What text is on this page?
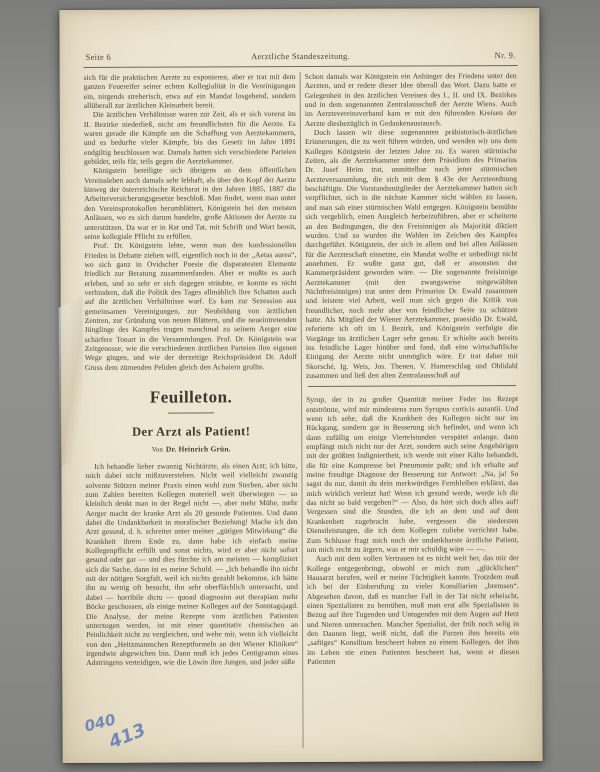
Seite 6	Aerztliche Standeszeitung.	Nr. 9.

sich für die praktischen Aerzte zu exponieren, aber er trat mit dem ganzen Feuereifer seiner echten Kollegialität in die Vereinigungen ein, nirgends streberisch, etwa auf ein Mandat losgehend, sondern allüberall zur ärztlichen Kleinarbeit bereit.

Die ärztlichen Verhältnisse waren zur Zeit, als er sich vorerst im II. Bezirke niederließ, nicht am freundlichsten für die Aerzte. Es waren gerade die Kämpfe um die Schaffung von Aerztekammern, und es bedurfte vieler Kämpfe, bis das Gesetz im Jahre 1891 endgiltig beschlossen war. Damals hatten sich verschiedene Parteien gebildet, teils für, teils gegen die Aerztekammer.

Königstein beteiligte sich übrigens an dem öffentlichen Vereinsleben auch damals sehr lebhaft, als über den Kopf der Aerzte hinweg der österreichische Reichsrat in den Jahren 1885, 1887 die Arbeiterversicherungsgesetze beschloß. Man findet, wenn man unter den Vereinsprotokollen herumblättert, Königstein bei den meisten Anlässen, wo es sich darum handelte, große Aktionen der Aerzte zu unterstützen. Da war er in Rat und Tat, mit Schrift und Wort bereit, seine kollegiale Pflicht zu erfüllen.

Prof. Dr. Königstein lebte, wenn man den konfessionellen Frieden in Debatte ziehen will, eigentlich noch in der „Aetas aurea“, wo sich ganz in Ovidscher Poesie die disparatesten Elemente friedlich zur Beratung zusammenfanden. Aber er mußte es auch erleben, und so sehr er sich dagegen sträubte, er konnte es nicht verhindern, daß die Politik des Tages allmählich ihre Schatten auch auf die ärztlichen Verhältnisse warf. Es kam zur Sezession aus gemeinsamen Vereinigungen, zur Neubildung von ärztlichen Zentren, zur Gründung von neuen Blättern, und die neueintretenden Jünglinge des Kampfes trugen manchmal zu seinem Aerger eine schärfere Tonart in die Versammlungen. Prof. Dr. Königstein war Zeitgenosse, wie die verschiedenen ärztlichen Parteien ihre eigenen Wege gingen, und wie der derzeitige Reichspräsident Dr. Adolf Gruss dem zürnenden Peliden gleich den Achaiern grollte.

Feuilleton.
Der Arzt als Patient!
Von Dr. Heinrich Grün.

Ich behandle lieber zwanzig Nichtärzte, als einen Arzt; ich bitte, mich dabei nicht mißzuverstehen. Nicht weil vielleicht zwanzig solvente Stützen meiner Praxis einen wohl zum Sterben, aber nicht zum Zahlen bereiten Kollegen materiell weit überwiegen — so kleinlich denkt man in der Regel nicht —, aber mehr Mühe, mehr Aerger macht der kranke Arzt als 20 gesunde Patienten. Und dann dabei die Undankbarkeit in moralischer Beziehung! Mache ich den Arzt gesund, d. h. schreitet unter meiner „gütigen Mitwirkung“ die Krankheit ihrem Ende zu, dann habe ich einfach meine Kollegenpflicht erfüllt und sonst nichts, wird er aber nicht sofort gesund oder gar — und dies fürchte ich am meisten — kompliziert sich die Sache, dann ist es meine Schuld. — „Ich behandle ihn nicht mit der nötigen Sorgfalt, weil ich nichts gezahlt bekomme, ich hätte ihn zu wenig oft besucht, ihn sehr oberflächlich untersucht, und dabei — horribile dictu — quoad diagnosim aut therapiam mehr Böcke geschossen, als einige meiner Kollegen auf der Sonntagsjagd. Die Analyse, der meine Rezepte vom ärztlichen Patienten unterzogen werden, ist mit einer quantitativ chemischen an Peinlichkeit nicht zu vergleichen, und wehe mir, wenn ich vielleicht von den „Heitzmannschen Rezeptformeln an den Wiener Kliniken“ irgendwie abgewichen bin. Dann muß ich jedes Centigramm eines Adstringens verteidigen, wie die Löwin ihre Jungen, und jeder süße

Schon damals war Königstein ein Anhänger des Friedens unter den Aerzten, und er redete dieser Idee überall das Wort. Dazu hatte er Gelegenheit in den ärztlichen Vereinen des I., II. und IX. Bezirkes und in dem sogenannten Zentralausschuß der Aerzte Wiens. Auch im Aerztevereinsverband kam er mit den führenden Kreisen der Aerzte diesbezüglich in Gedankenaustausch.

Doch lassen wir diese sogenannten prähistorisch-ärztlichen Erinnerungen, die zu weit führen würden, und wenden wir uns dem Kollegen Königstein der letzten Jahre zu. Es waren stürmische Zeiten, als die Aerztekammer unter dem Präsidium des Primarius Dr. Josef Heim trat, unmittelbar nach jener stürmischen Aerzteversammlung, die sich mit dem § 43e der Aerzteordnung beschäftigte. Die Vorstandsmitglieder der Aerztekammer hatten sich verpflichtet, sich in die nächste Kammer nicht wählen zu lassen, und man sah einer stürmischen Wahl entgegen. Königstein bemühte sich vergeblich, einen Ausgleich herbeizuführen, aber er scheiterte an den Bedingungen, die den Freisinnigen als Majorität diktiert wurden. Und so wurden die Wahlen im Zeichen des Kampfes durchgeführt. Königstein, der sich in allem und bei allen Anlässen für die Aerzteschaft einsetzte, ein Mandat wollte er unbedingt nicht annehmen. Er wußte ganz gut, daß er ansonsten der Kammerpräsident geworden wäre. — Die sogenannte freisinnige Aerztekammer (mit den zwangsweise mitgewählten Nichtfreisinnigen) trat unter dem Primarius Dr. Ewald zusammen und leistete viel Arbeit, weil man sich gegen die Kritik von freundlicher, noch mehr aber von feindlicher Seite zu schützen hatte. Als Mitglied der Wiener Aerztekammer, praesidio Dr. Ewald, referierte ich oft im I. Bezirk, und Königstein verfolgte die Vorgänge im ärztlichen Lager sehr genau. Er schielte auch bereits ins feindliche Lager hinüber und fand, daß eine wirtschaftliche Einigung der Aerzte nicht unmöglich wäre. Er trat daher mit Skorsché, Ig. Weis, Jos. Thenen, V. Hamerschlag und Oblidahl zusammen und ließ den alten Zentralausschuß auf

Syrup, der in zu großer Quantität meiner Feder ins Rezept entströmte, wird mir mindestens zum Syrupus corticis aurantii. Und wenn ich sehe, daß die Krankheit des Kollegen nicht nur im Rückgang, sondern gar in Besserung sich befindet, und wenn ich dann zufällig um einige Viertelstunden verspätet anlange, dann empfängt mich nicht nur der Arzt, sondern auch seine Angehörigen mit der größten Indigniertheit, ich werde mit einer Kälte behandelt, die für eine Kompresse bei Pneumonie paßt; und ich erhalte auf meine freudige Diagnose der Besserung zur Antwort: „Na, ja! So sagst du nur, damit du dein merkwürdiges Fernbleiben erklärst, das mich wirklich verletzt hat! Wenn ich gesund werde, werde ich dir das nicht so bald vergeben?“ — Also, da hört sich doch alles auf! Vergessen sind die Stunden, die ich an dem und auf dem Krankenbett zugebracht habe, vergessen die niedersten Dienstleistungen, die ich dem Kollegen zuliebe verrichtet habe. Zum Schlusse fragt mich noch der undankbarste ärztliche Patient, um mich recht zu ärgern, was er mir schuldig wäre — —.

Auch mit dem vollen Vertrauen ist es nicht weit her, das mir der Kollege entgegenbringt, obwohl er mich zum „glücklichen“ Hausarzt berufen, weil er meine Tüchtigkeit kannte. Trotzdem muß ich bei der Einberufung zu vieler Konsiliarien „bremsen“. Abgesehen davon, daß es mancher Fall in der Tat nicht erheischt, einen Spezialisten zu bemühen, muß man erst alle Spezialisten in Bezug auf ihre Tugenden und Untugenden mit dem Augen auf Herz und Nieren untersuchen. Mancher Spezialist, der früh noch selig in den Daunen liegt, weiß nicht, daß die Parzen ihm bereits ein „saftiges“ Konsilium bescheert haben zu einem Kollegen, der ihm im Leben nie einen Patienten bescheert hat, wenn er diesen Patienten

040
413
